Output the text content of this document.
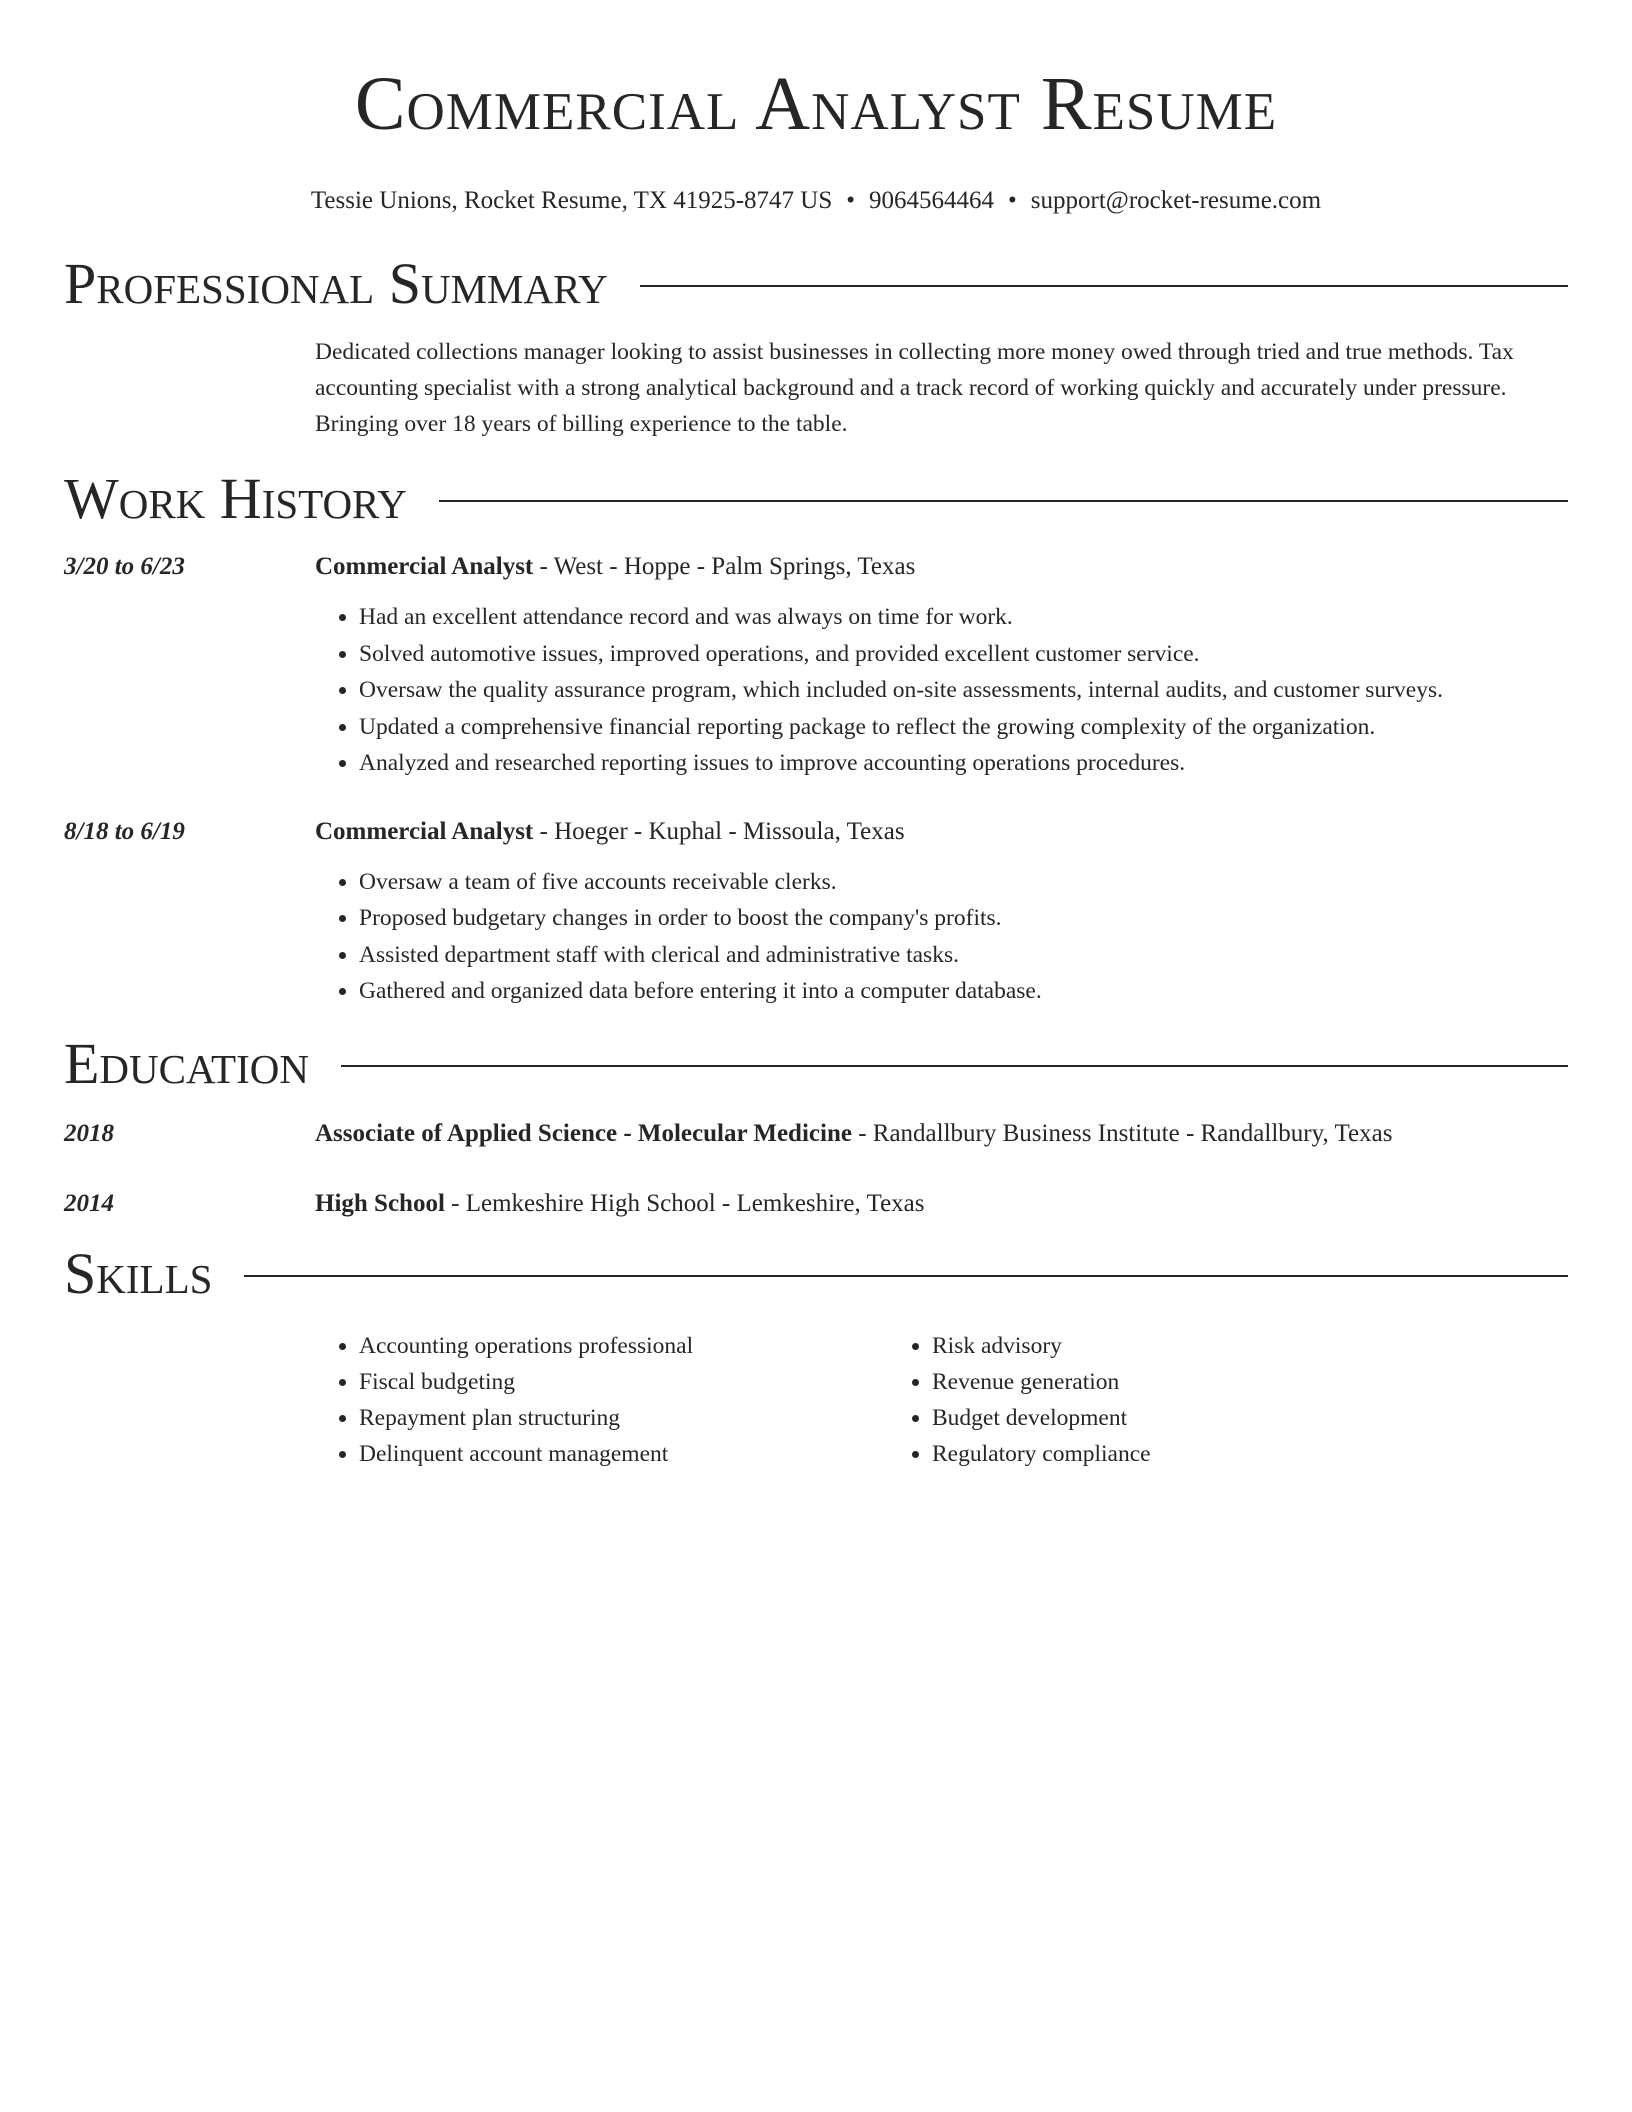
Commercial Analyst Resume
Tessie Unions, Rocket Resume, TX 41925-8747 US • 9064564464 • support@rocket-resume.com
Professional Summary
Dedicated collections manager looking to assist businesses in collecting more money owed through tried and true methods. Tax accounting specialist with a strong analytical background and a track record of working quickly and accurately under pressure. Bringing over 18 years of billing experience to the table.
Work History
3/20 to 6/23	Commercial Analyst - West - Hoppe - Palm Springs, Texas
• Had an excellent attendance record and was always on time for work.
• Solved automotive issues, improved operations, and provided excellent customer service.
• Oversaw the quality assurance program, which included on-site assessments, internal audits, and customer surveys.
• Updated a comprehensive financial reporting package to reflect the growing complexity of the organization.
• Analyzed and researched reporting issues to improve accounting operations procedures.
8/18 to 6/19	Commercial Analyst - Hoeger - Kuphal - Missoula, Texas
• Oversaw a team of five accounts receivable clerks.
• Proposed budgetary changes in order to boost the company's profits.
• Assisted department staff with clerical and administrative tasks.
• Gathered and organized data before entering it into a computer database.
Education
2018	Associate of Applied Science - Molecular Medicine - Randallbury Business Institute - Randallbury, Texas
2014	High School - Lemkeshire High School - Lemkeshire, Texas
Skills
• Accounting operations professional
• Fiscal budgeting
• Repayment plan structuring
• Delinquent account management
• Risk advisory
• Revenue generation
• Budget development
• Regulatory compliance
